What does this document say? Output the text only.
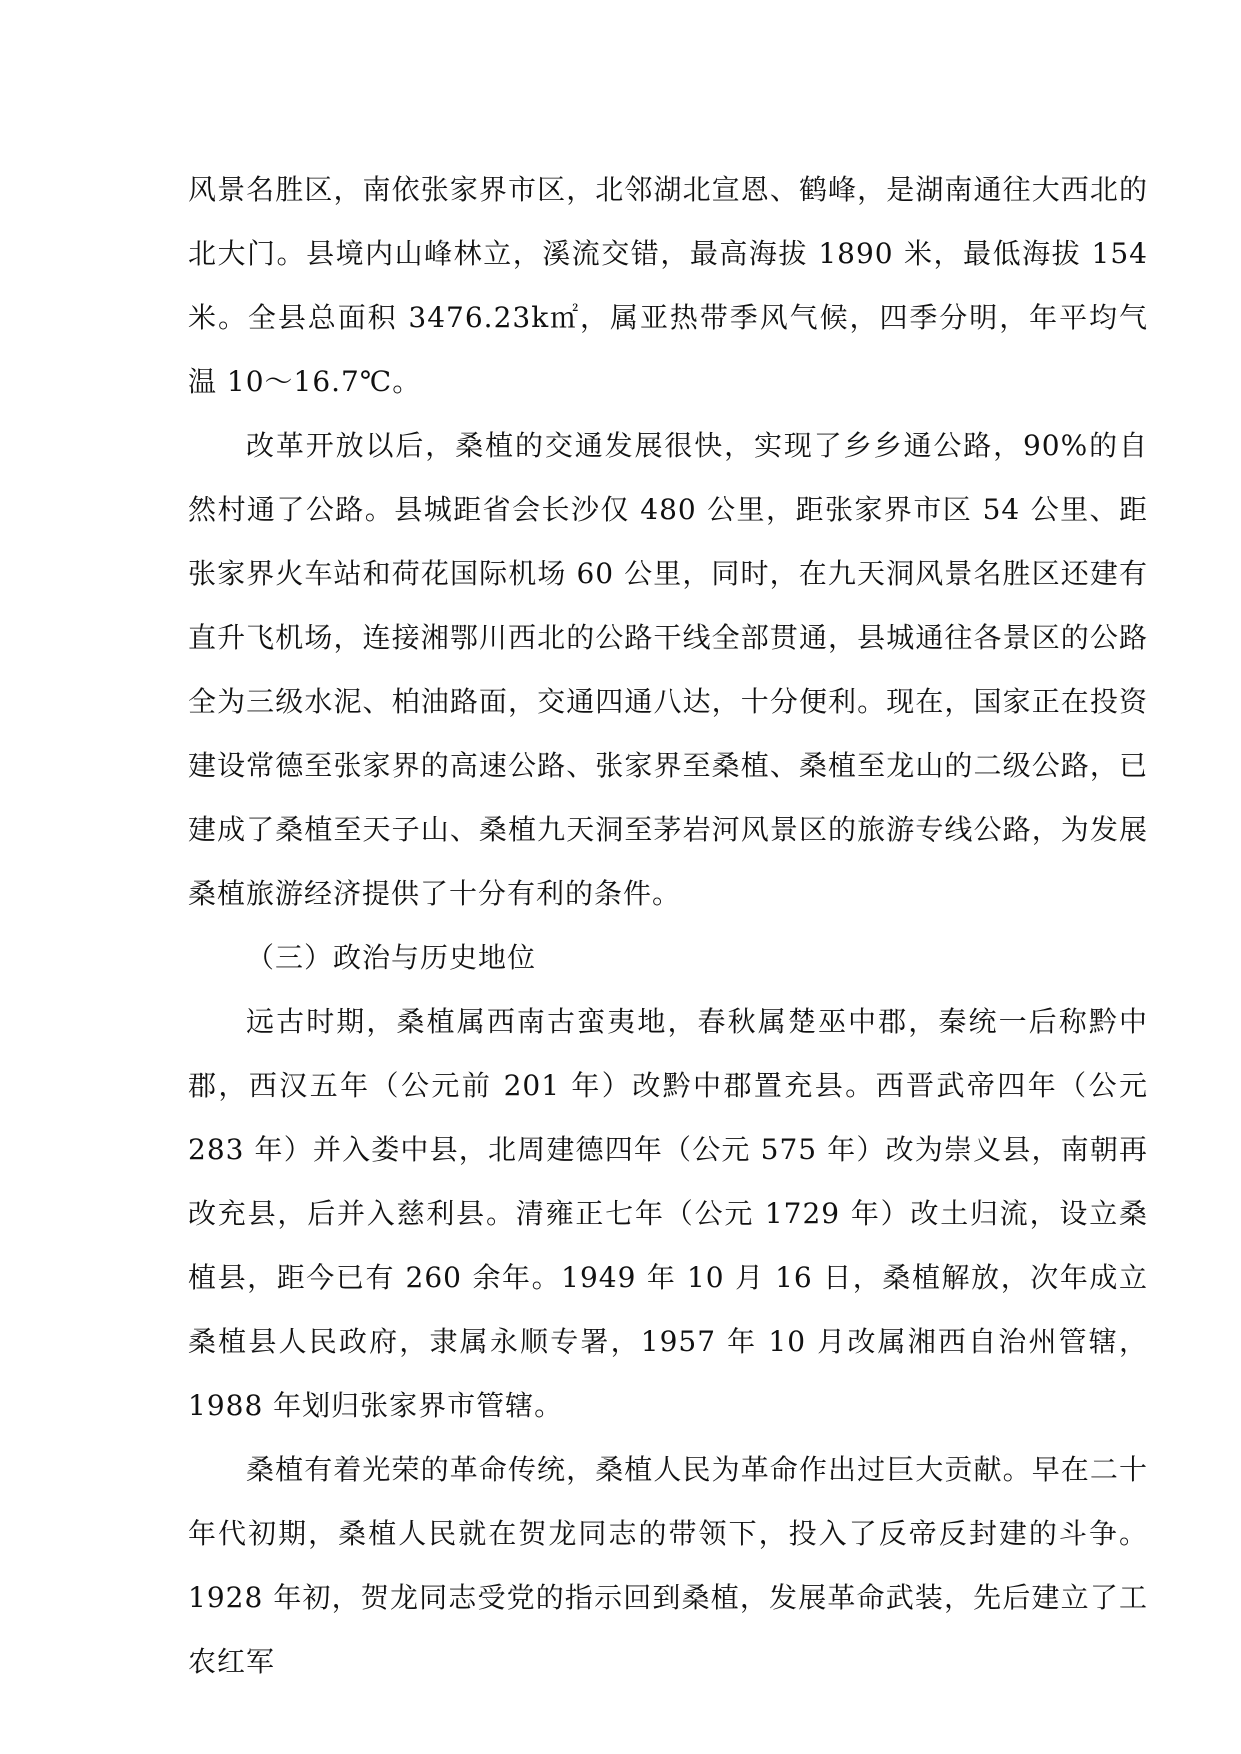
风景名胜区，南依张家界市区，北邻湖北宣恩、鹤峰，是湖南通往大西北的北大门。县境内山峰林立，溪流交错，最高海拔 1890 米，最低海拔 154 米。全县总面积 3476.23k㎡，属亚热带季风气候，四季分明，年平均气温 10～16.7℃。

改革开放以后，桑植的交通发展很快，实现了乡乡通公路，90%的自然村通了公路。县城距省会长沙仅 480 公里，距张家界市区 54 公里、距张家界火车站和荷花国际机场 60 公里，同时，在九天洞风景名胜区还建有直升飞机场，连接湘鄂川西北的公路干线全部贯通，县城通往各景区的公路全为三级水泥、柏油路面，交通四通八达，十分便利。现在，国家正在投资建设常德至张家界的高速公路、张家界至桑植、桑植至龙山的二级公路，已建成了桑植至天子山、桑植九天洞至茅岩河风景区的旅游专线公路，为发展桑植旅游经济提供了十分有利的条件。

（三）政治与历史地位

远古时期，桑植属西南古蛮夷地，春秋属楚巫中郡，秦统一后称黔中郡，西汉五年（公元前 201 年）改黔中郡置充县。西晋武帝四年（公元 283 年）并入娄中县，北周建德四年（公元 575 年）改为崇义县，南朝再改充县，后并入慈利县。清雍正七年（公元 1729 年）改土归流，设立桑植县，距今已有 260 余年。1949 年 10 月 16 日，桑植解放，次年成立桑植县人民政府，隶属永顺专署，1957 年 10 月改属湘西自治州管辖，1988 年划归张家界市管辖。

桑植有着光荣的革命传统，桑植人民为革命作出过巨大贡献。早在二十年代初期，桑植人民就在贺龙同志的带领下，投入了反帝反封建的斗争。1928 年初，贺龙同志受党的指示回到桑植，发展革命武装，先后建立了工农红军
